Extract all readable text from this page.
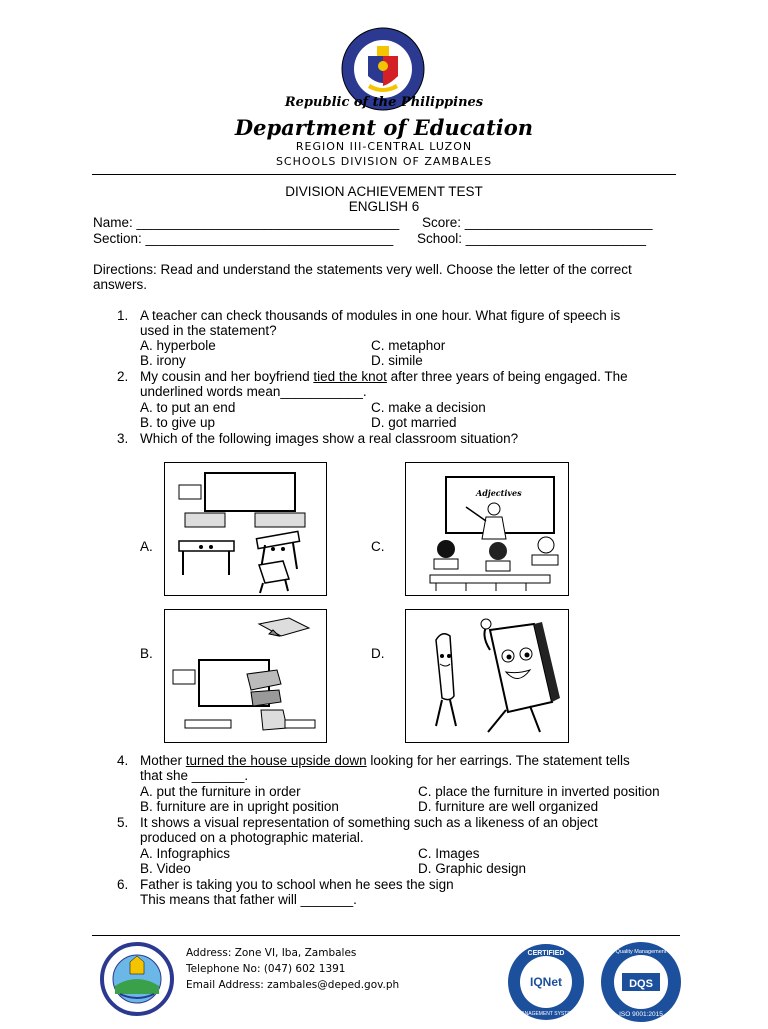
Republic of the Philippines
Department of Education
REGION III-CENTRAL LUZON
SCHOOLS DIVISION OF ZAMBALES
DIVISION ACHIEVEMENT TEST
ENGLISH 6
Name: ___________________________________ Score: _________________________
Section: _________________________________ School: ________________________
Directions: Read and understand the statements very well. Choose the letter of the correct
answers.
1. A teacher can check thousands of modules in one hour. What figure of speech is
used in the statement?
A. hyperbole	C. metaphor
B. irony	D. simile
2. My cousin and her boyfriend tied the knot after three years of being engaged. The
underlined words mean___________.
A. to put an end	C. make a decision
B. to give up	D. got married
3. Which of the following images show a real classroom situation?
A.	C.
B.	D.
Adjectives
4. Mother turned the house upside down looking for her earrings. The statement tells
that she _______.
A. put the furniture in order	C. place the furniture in inverted position
B. furniture are in upright position	D. furniture are well organized
5. It shows a visual representation of something such as a likeness of an object
produced on a photographic material.
A. Infographics	C. Images
B. Video	D. Graphic design
6. Father is taking you to school when he sees the sign
This means that father will _______.
Address: Zone VI, Iba, Zambales
Telephone No: (047) 602 1391
Email Address: zambales@deped.gov.ph	IQNet
CERTIFIED
MANAGEMENT SYSTEM
DQS
Quality Management
ISO 9001:2015
